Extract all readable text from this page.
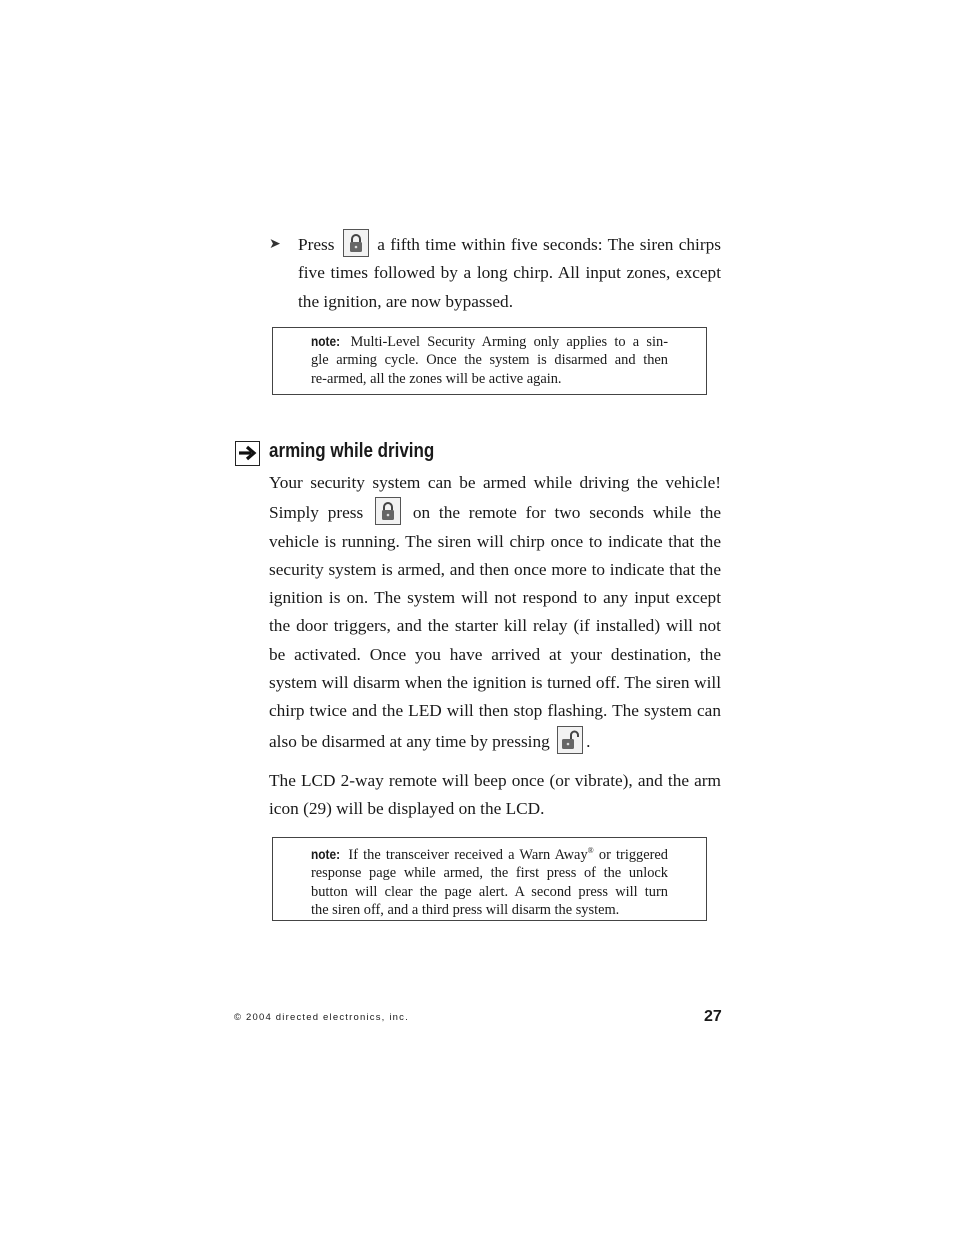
➤ Press a fifth time within five seconds: The siren chirps
five times followed by a long chirp. All input zones, except
the ignition, are now bypassed.
note: Multi-Level Security Arming only applies to a sin-
gle arming cycle. Once the system is disarmed and then
re-armed, all the zones will be active again.
arming while driving
Your security system can be armed while driving the vehicle!
Simply press	on the remote for two seconds while the
vehicle is running. The siren will chirp once to indicate that the
security system is armed, and then once more to indicate that the
ignition is on. The system will not respond to any input except
the door triggers, and the starter kill relay (if installed) will not
be activated. Once you have arrived at your destination, the
system will disarm when the ignition is turned off. The siren will
chirp twice and the LED will then stop flashing. The system can
also be disarmed at any time by pressing .
The LCD 2-way remote will beep once (or vibrate), and the arm
icon (29) will be displayed on the LCD.
note: If the transceiver received a Warn Away® or triggered
response page while armed, the first press of the unlock
button will clear the page alert. A second press will turn
the siren off, and a third press will disarm the system.
© 2004 directed electronics, inc.	27
